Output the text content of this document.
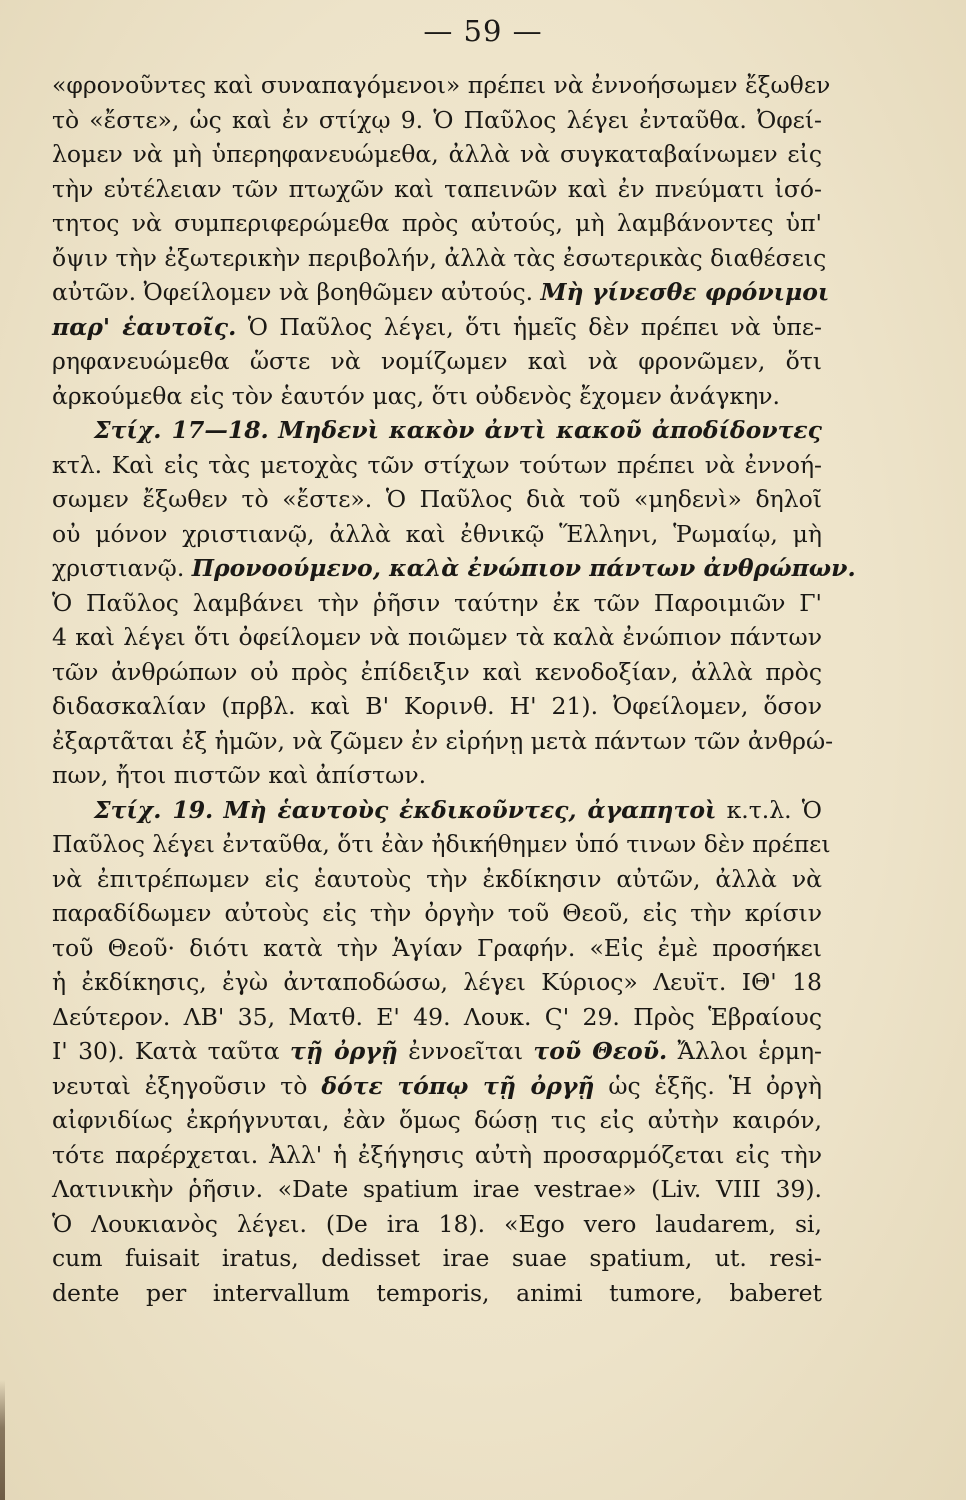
— 59 —
«φρονοῦντες καὶ συναπαγόμενοι» πρέπει νὰ ἐννοήσωμεν ἔξωθεν
τὸ «ἔστε», ὡς καὶ ἐν στίχῳ 9. Ὁ Παῦλος λέγει ἐνταῦθα. Ὀφεί-
λομεν νὰ μὴ ὑπερηφανευώμεθα, ἀλλὰ νὰ συγκαταβαίνωμεν εἰς
τὴν εὐτέλειαν τῶν πτωχῶν καὶ ταπεινῶν καὶ ἐν πνεύματι ἰσό-
τητος νὰ συμπεριφερώμεθα πρὸς αὐτούς, μὴ λαμβάνοντες ὑπ'
ὄψιν τὴν ἐξωτερικὴν περιβολήν, ἀλλὰ τὰς ἐσωτερικὰς διαθέσεις
αὐτῶν. Ὀφείλομεν νὰ βοηθῶμεν αὐτούς. Μὴ γίνεσθε φρόνιμοι
παρ' ἑαυτοῖς. Ὁ Παῦλος λέγει, ὅτι ἡμεῖς δὲν πρέπει νὰ ὑπε-
ρηφανευώμεθα ὥστε νὰ νομίζωμεν καὶ νὰ φρονῶμεν, ὅτι
ἀρκούμεθα εἰς τὸν ἑαυτόν μας, ὅτι οὐδενὸς ἔχομεν ἀνάγκην.
Στίχ. 17—18. Μηδενὶ κακὸν ἀντὶ κακοῦ ἀποδίδοντες
κτλ. Καὶ εἰς τὰς μετοχὰς τῶν στίχων τούτων πρέπει νὰ ἐννοή-
σωμεν ἔξωθεν τὸ «ἔστε». Ὁ Παῦλος διὰ τοῦ «μηδενὶ» δηλοῖ
οὐ μόνον χριστιανῷ, ἀλλὰ καὶ ἐθνικῷ Ἕλληνι, Ῥωμαίῳ, μὴ
χριστιανῷ. Προνοούμενο, καλὰ ἐνώπιον πάντων ἀνθρώπων.
Ὁ Παῦλος λαμβάνει τὴν ῥῆσιν ταύτην ἐκ τῶν Παροιμιῶν Γ'
4 καὶ λέγει ὅτι ὀφείλομεν νὰ ποιῶμεν τὰ καλὰ ἐνώπιον πάντων
τῶν ἀνθρώπων οὐ πρὸς ἐπίδειξιν καὶ κενοδοξίαν, ἀλλὰ πρὸς
διδασκαλίαν (πρβλ. καὶ Β' Κορινθ. Η' 21). Ὀφείλομεν, ὅσον
ἐξαρτᾶται ἐξ ἡμῶν, νὰ ζῶμεν ἐν εἰρήνῃ μετὰ πάντων τῶν ἀνθρώ-
πων, ἤτοι πιστῶν καὶ ἀπίστων.
Στίχ. 19. Μὴ ἑαυτοὺς ἐκδικοῦντες, ἀγαπητοὶ κ.τ.λ. Ὁ
Παῦλος λέγει ἐνταῦθα, ὅτι ἐὰν ἠδικήθημεν ὑπό τινων δὲν πρέπει
νὰ ἐπιτρέπωμεν εἰς ἑαυτοὺς τὴν ἐκδίκησιν αὐτῶν, ἀλλὰ νὰ
παραδίδωμεν αὐτοὺς εἰς τὴν ὀργὴν τοῦ Θεοῦ, εἰς τὴν κρίσιν
τοῦ Θεοῦ· διότι κατὰ τὴν Ἁγίαν Γραφήν. «Εἰς ἐμὲ προσήκει
ἡ ἐκδίκησις, ἐγὼ ἀνταποδώσω, λέγει Κύριος» Λευϊτ. ΙΘ' 18
Δεύτερον. ΛΒ' 35, Ματθ. Ε' 49. Λουκ. Ϛ' 29. Πρὸς Ἑβραίους
Ι' 30). Κατὰ ταῦτα τῇ ὀργῇ ἐννοεῖται τοῦ Θεοῦ. Ἄλλοι ἑρμη-
νευταὶ ἐξηγοῦσιν τὸ δότε τόπῳ τῇ ὀργῇ ὡς ἑξῆς. Ἡ ὀργὴ
αἰφνιδίως ἐκρήγνυται, ἐὰν ὅμως δώσῃ τις εἰς αὐτὴν καιρόν,
τότε παρέρχεται. Ἀλλ' ἡ ἐξήγησις αὐτὴ προσαρμόζεται εἰς τὴν
Λατινικὴν ῥῆσιν. «Date spatium irae vestrae» (Liv. VIII 39).
Ὁ Λουκιανὸς λέγει. (De ira 18). «Ego vero laudarem, si,
cum fuisait iratus, dedisset irae suae spatium, ut. resi-
dente per intervallum temporis, animi tumore, baberet
